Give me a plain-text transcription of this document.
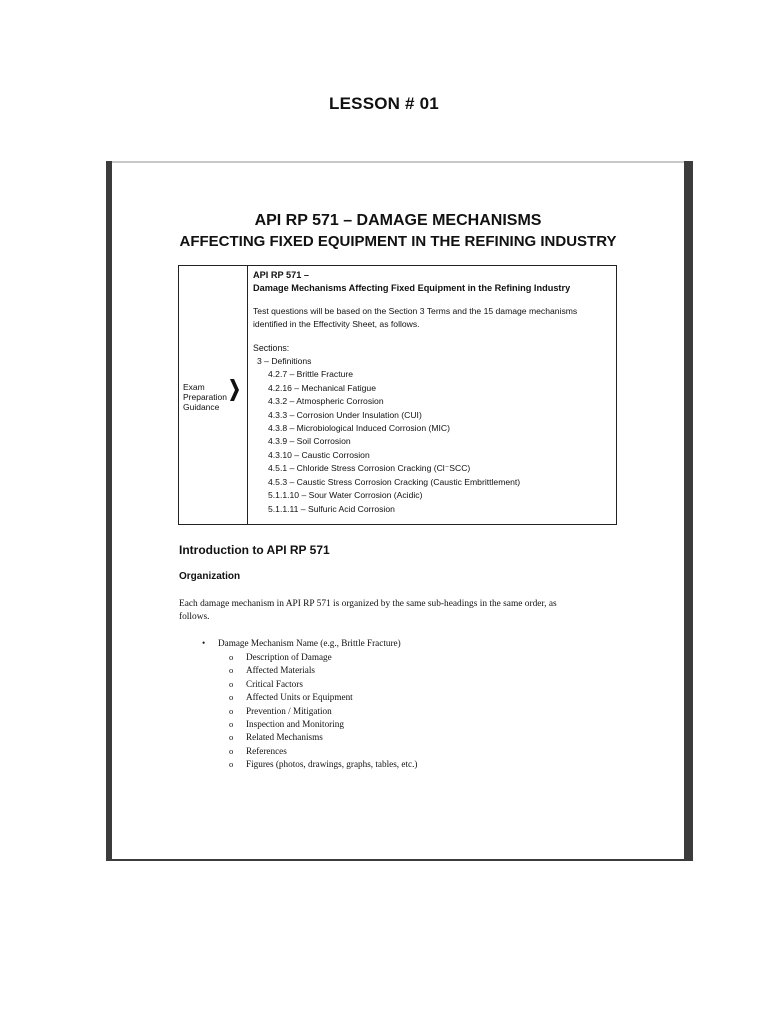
LESSON # 01
API RP 571 – DAMAGE MECHANISMS
AFFECTING FIXED EQUIPMENT IN THE REFINING INDUSTRY
Exam
Preparation
Guidance
API RP 571 –
Damage Mechanisms Affecting Fixed Equipment in the Refining Industry
Test questions will be based on the Section 3 Terms and the 15 damage mechanisms
identified in the Effectivity Sheet, as follows.
Sections:
3 – Definitions
4.2.7 – Brittle Fracture
4.2.16 – Mechanical Fatigue
4.3.2 – Atmospheric Corrosion
4.3.3 – Corrosion Under Insulation (CUI)
4.3.8 – Microbiological Induced Corrosion (MIC)
4.3.9 – Soil Corrosion
4.3.10 – Caustic Corrosion
4.5.1 – Chloride Stress Corrosion Cracking (Cl⁻SCC)
4.5.3 – Caustic Stress Corrosion Cracking (Caustic Embrittlement)
5.1.1.10 – Sour Water Corrosion (Acidic)
5.1.1.11 – Sulfuric Acid Corrosion
Introduction to API RP 571
Organization
Each damage mechanism in API RP 571 is organized by the same sub-headings in the same order, as
follows.
• Damage Mechanism Name (e.g., Brittle Fracture)
o Description of Damage
o Affected Materials
o Critical Factors
o Affected Units or Equipment
o Prevention / Mitigation
o Inspection and Monitoring
o Related Mechanisms
o References
o Figures (photos, drawings, graphs, tables, etc.)
